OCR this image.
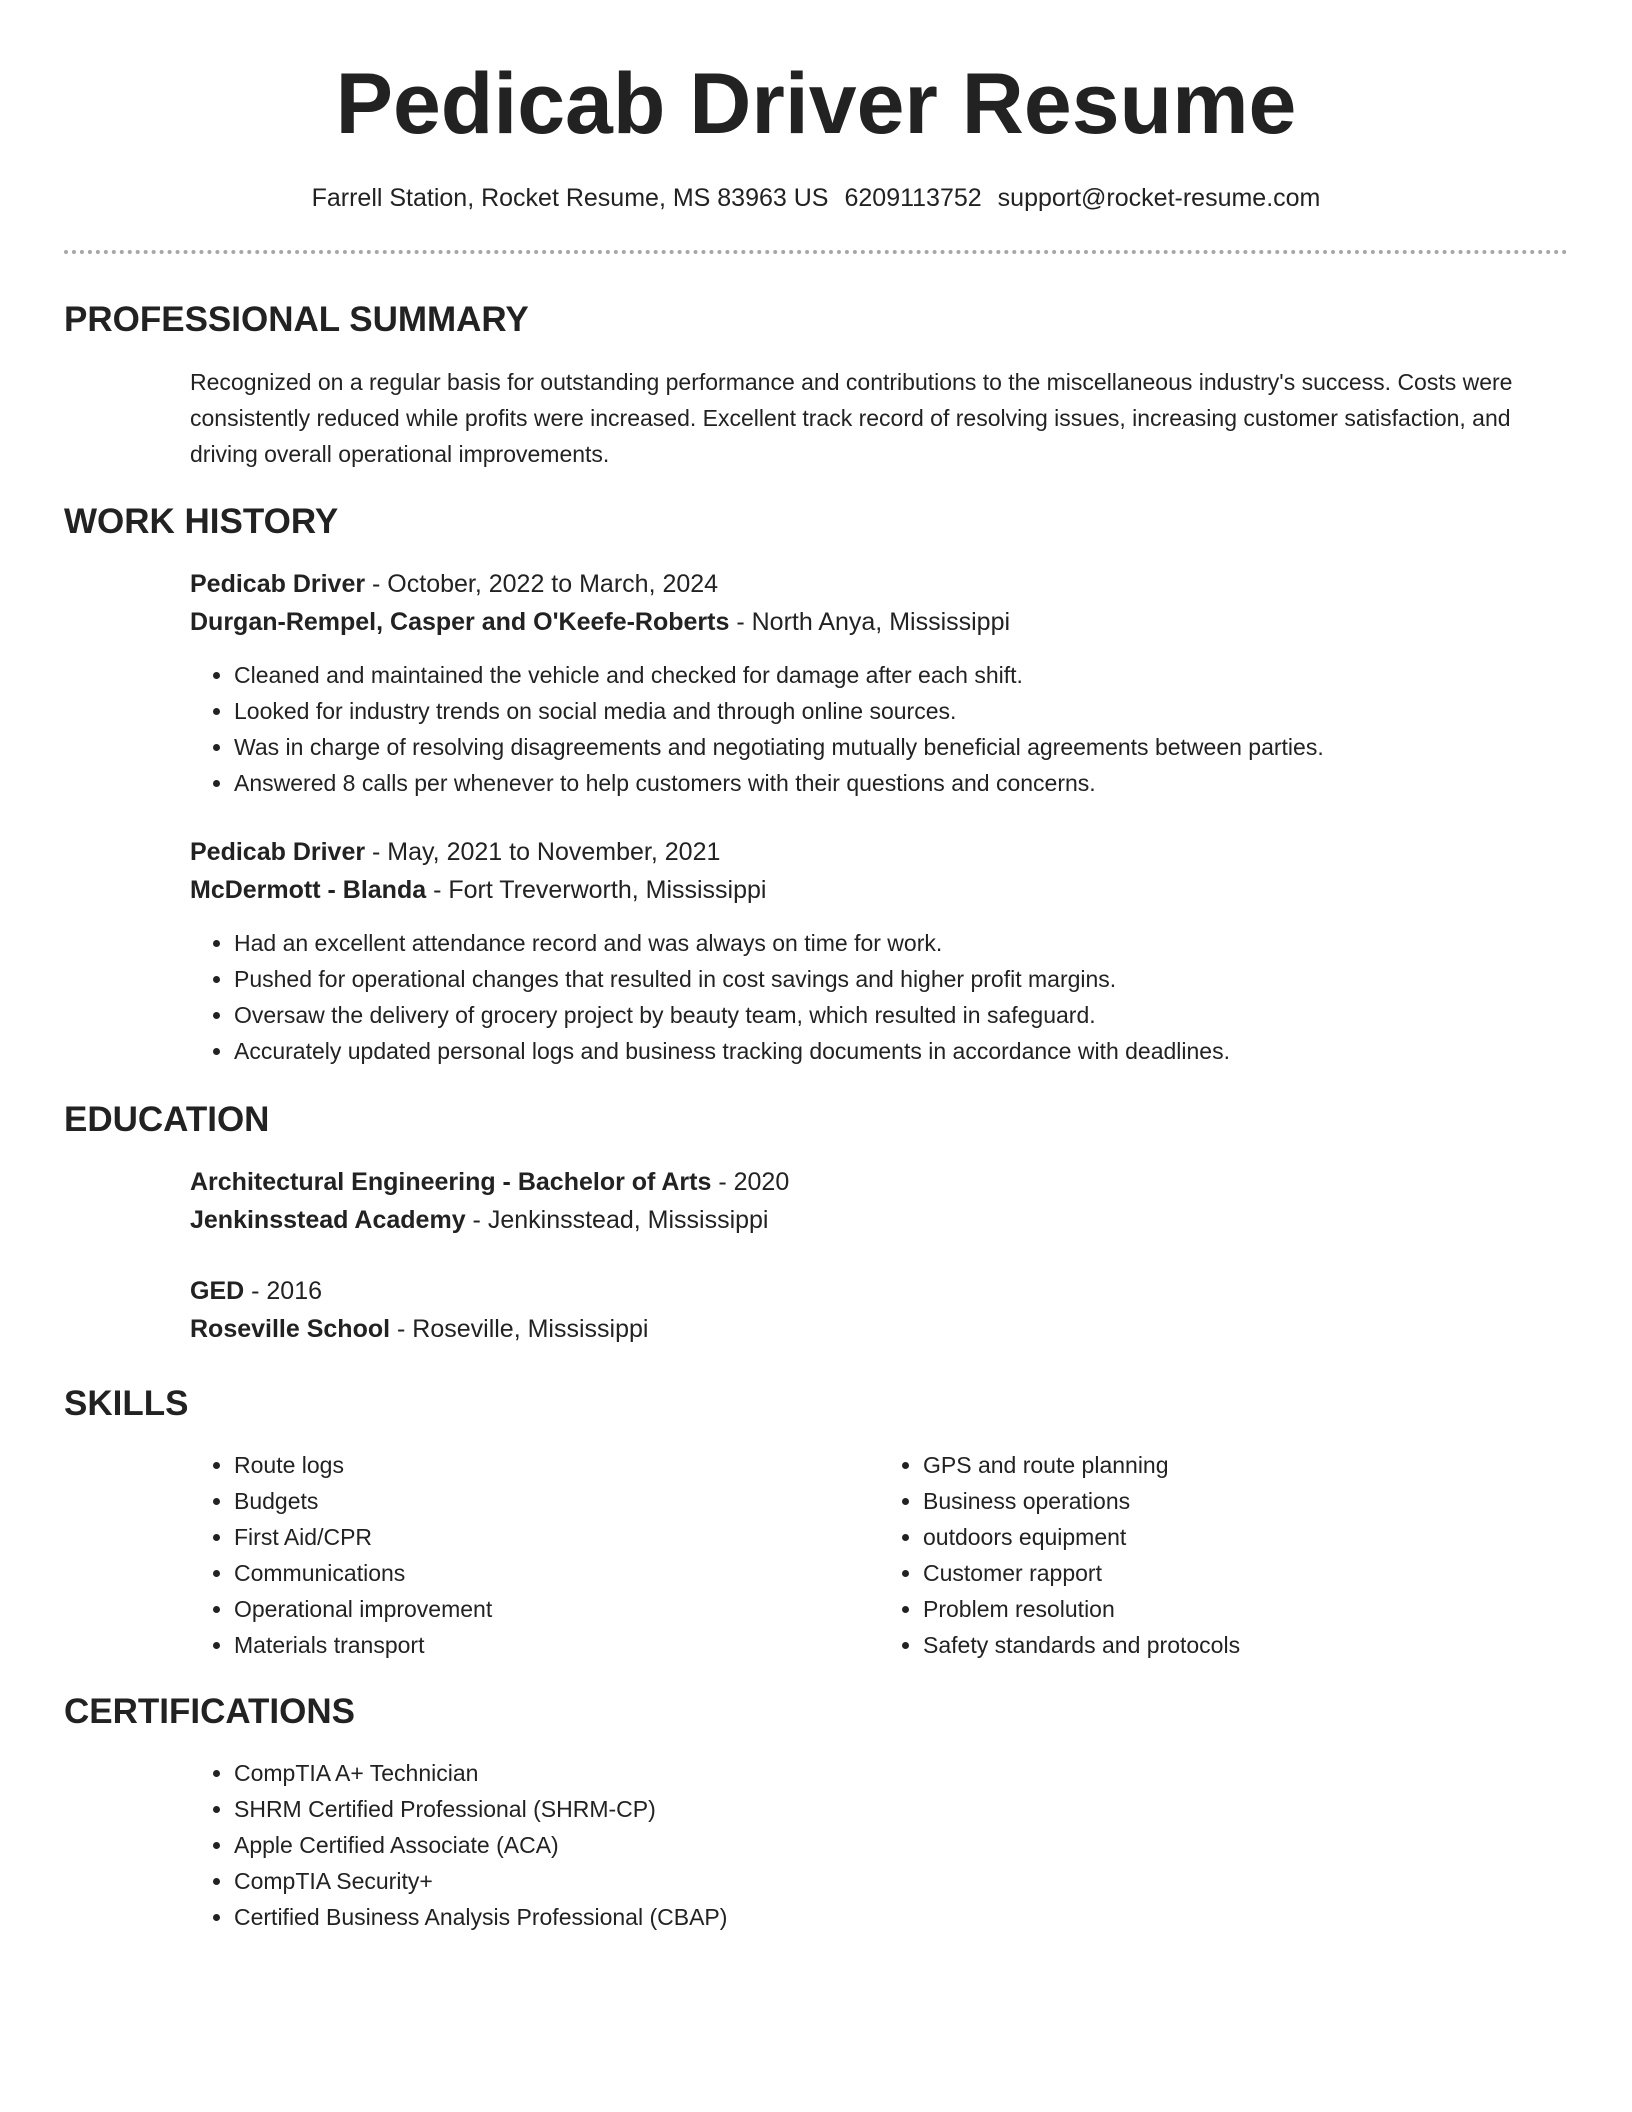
Pedicab Driver Resume
Farrell Station, Rocket Resume, MS 83963 US 6209113752 support@rocket-resume.com
PROFESSIONAL SUMMARY

Recognized on a regular basis for outstanding performance and contributions to the miscellaneous industry's success. Costs were consistently reduced while profits were increased. Excellent track record of resolving issues, increasing customer satisfaction, and driving overall operational improvements.

WORK HISTORY
Pedicab Driver - October, 2022 to March, 2024
Durgan-Rempel, Casper and O'Keefe-Roberts - North Anya, Mississippi
• Cleaned and maintained the vehicle and checked for damage after each shift.
• Looked for industry trends on social media and through online sources.
• Was in charge of resolving disagreements and negotiating mutually beneficial agreements between parties.
• Answered 8 calls per whenever to help customers with their questions and concerns.
Pedicab Driver - May, 2021 to November, 2021
McDermott - Blanda - Fort Treverworth, Mississippi
• Had an excellent attendance record and was always on time for work.
• Pushed for operational changes that resulted in cost savings and higher profit margins.
• Oversaw the delivery of grocery project by beauty team, which resulted in safeguard.
• Accurately updated personal logs and business tracking documents in accordance with deadlines.
EDUCATION
Architectural Engineering - Bachelor of Arts - 2020
Jenkinsstead Academy - Jenkinsstead, Mississippi
GED - 2016
Roseville School - Roseville, Mississippi
SKILLS
• Route logs
• Budgets
• First Aid/CPR
• Communications
• Operational improvement
• Materials transport
• GPS and route planning
• Business operations
• outdoors equipment
• Customer rapport
• Problem resolution
• Safety standards and protocols
CERTIFICATIONS
• CompTIA A+ Technician
• SHRM Certified Professional (SHRM-CP)
• Apple Certified Associate (ACA)
• CompTIA Security+
• Certified Business Analysis Professional (CBAP)
